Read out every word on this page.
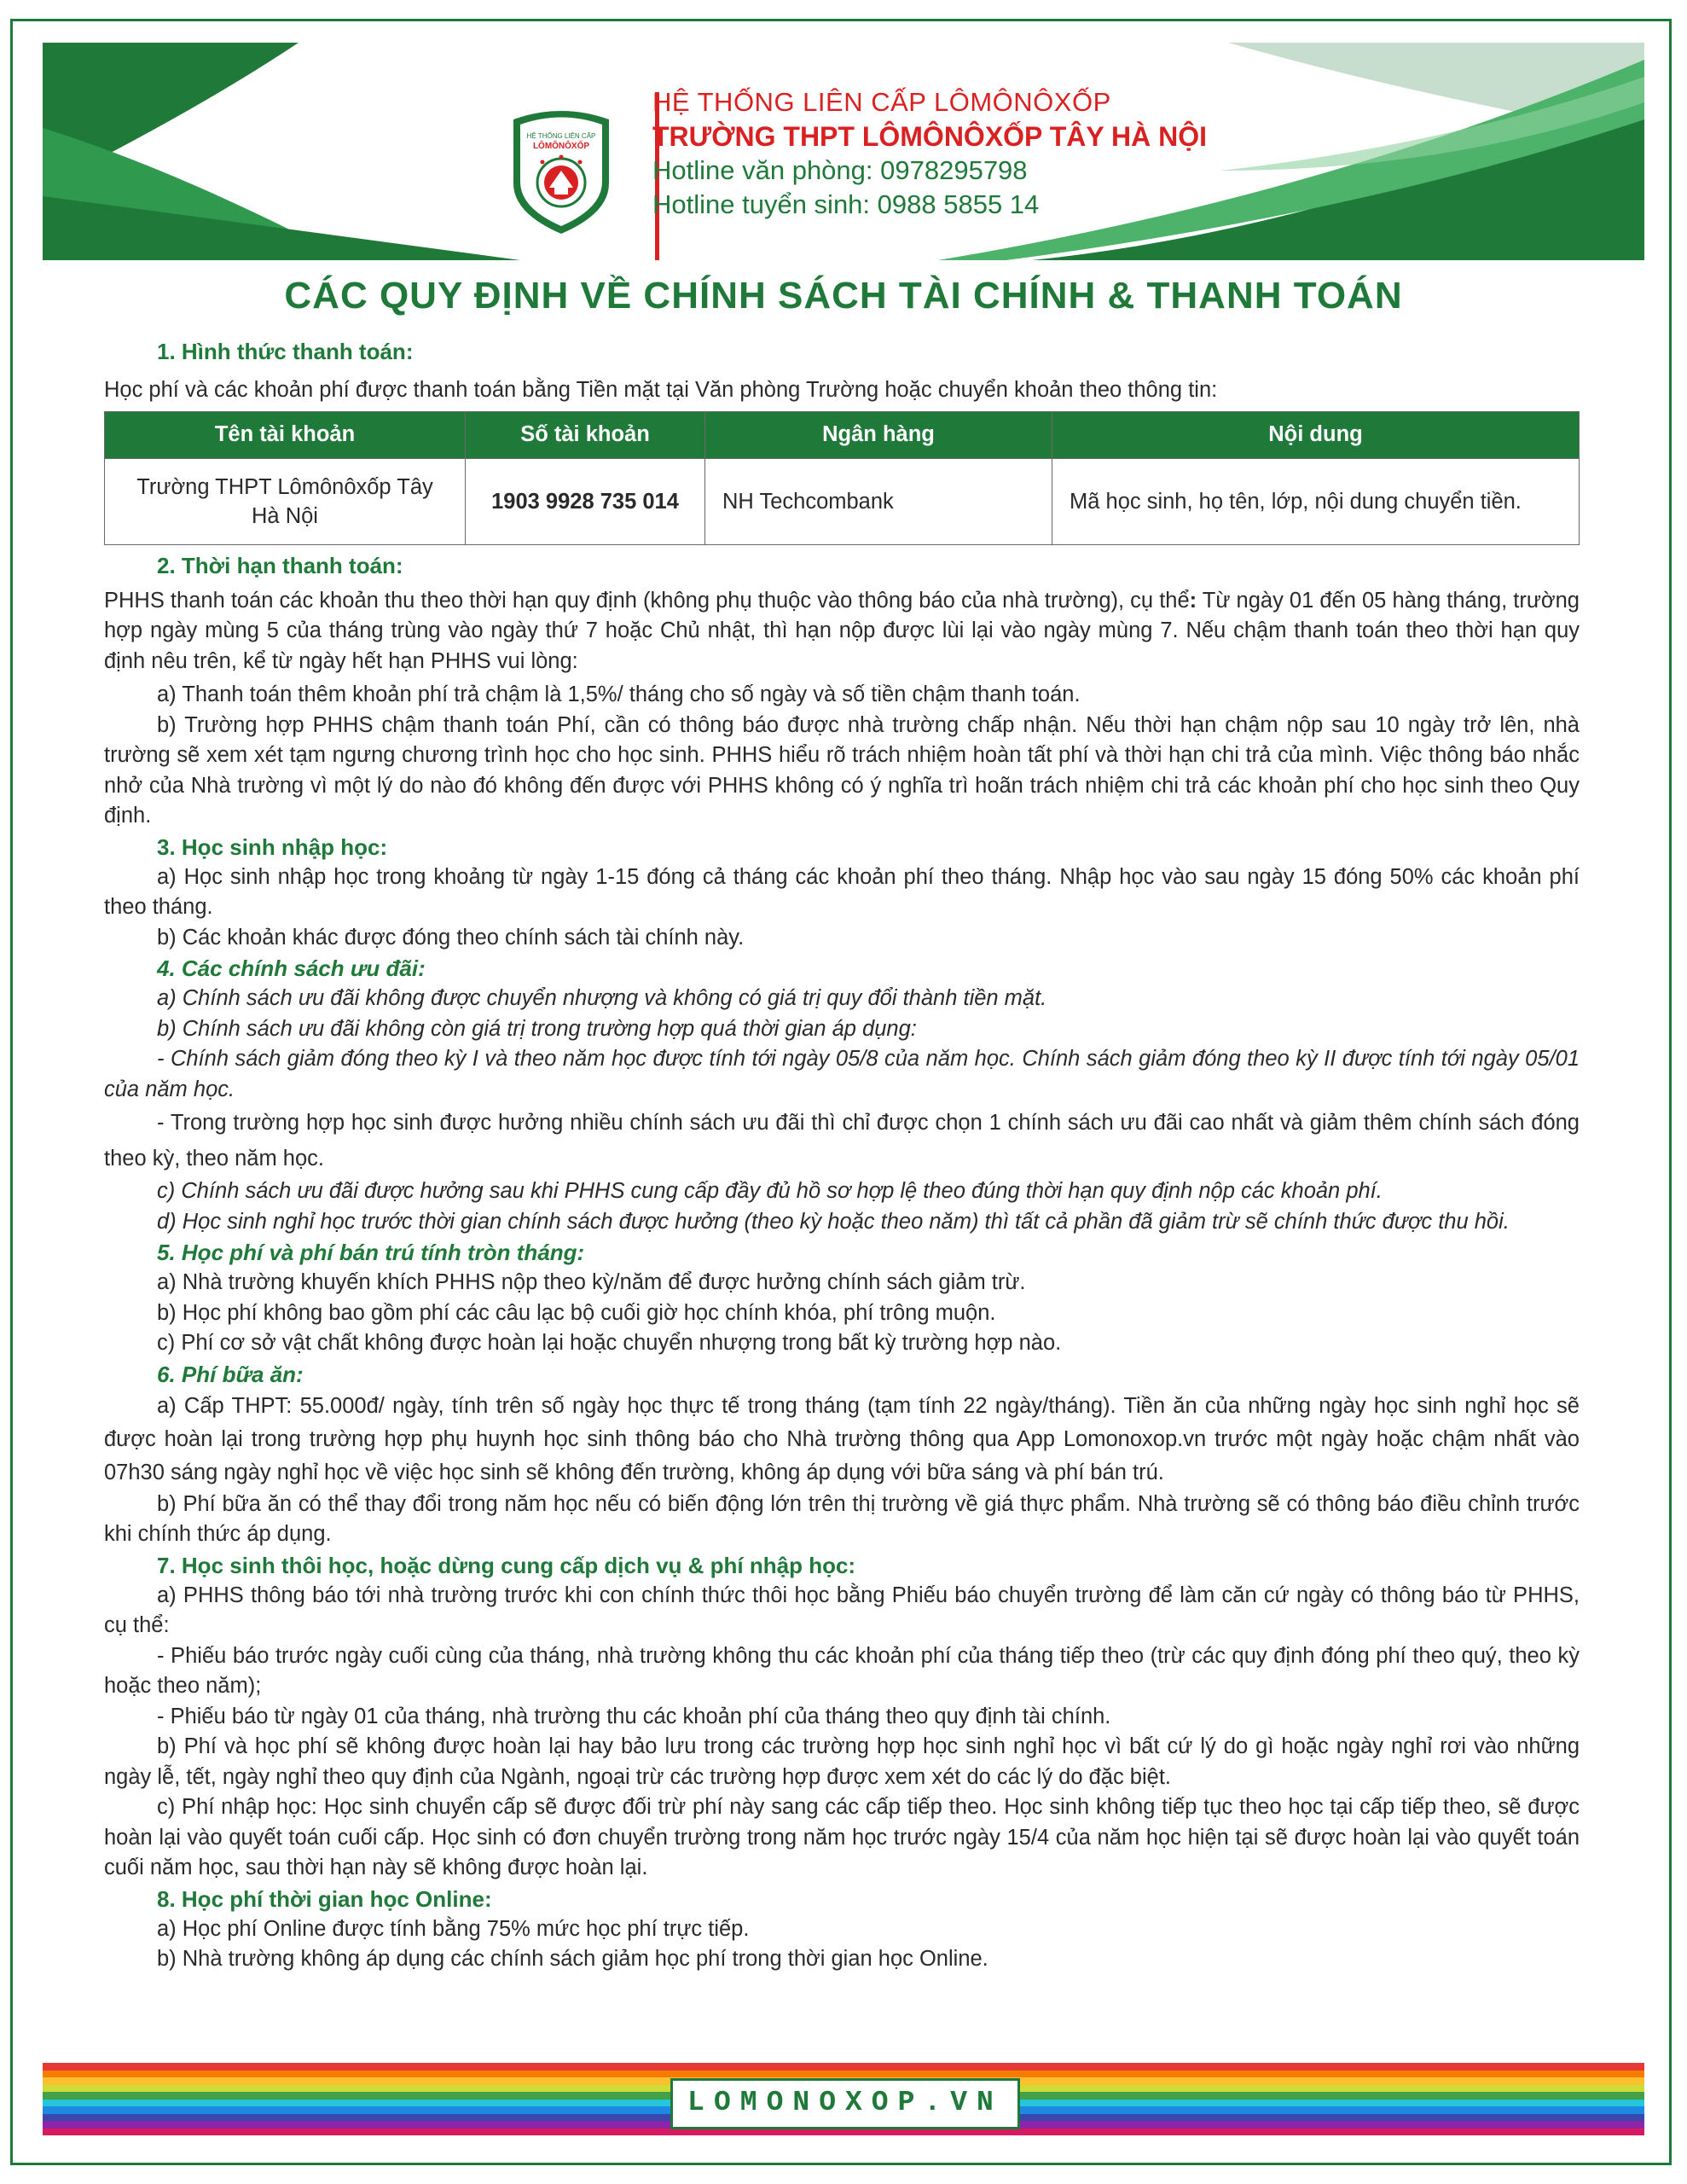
HỆ THỐNG LIÊN CẤP
LÔMÔNÔXỐP
HỆ THỐNG LIÊN CẤP LÔMÔNÔXỐP
TRƯỜNG THPT LÔMÔNÔXỐP TÂY HÀ NỘI
Hotline văn phòng: 0978295798
Hotline tuyển sinh: 0988 5855 14
CÁC QUY ĐỊNH VỀ CHÍNH SÁCH TÀI CHÍNH & THANH TOÁN
1. Hình thức thanh toán:
Học phí và các khoản phí được thanh toán bằng Tiền mặt tại Văn phòng Trường hoặc chuyển khoản theo thông tin:
Tên tài khoản	Số tài khoản	Ngân hàng	Nội dung
Trường THPT Lômônôxốp Tây Hà Nội	1903 9928 735 014	NH Techcombank	Mã học sinh, họ tên, lớp, nội dung chuyển tiền.
2. Thời hạn thanh toán:
PHHS thanh toán các khoản thu theo thời hạn quy định (không phụ thuộc vào thông báo của nhà trường), cụ thể: Từ ngày 01 đến 05 hàng tháng, trường hợp ngày mùng 5 của tháng trùng vào ngày thứ 7 hoặc Chủ nhật, thì hạn nộp được lùi lại vào ngày mùng 7. Nếu chậm thanh toán theo thời hạn quy định nêu trên, kể từ ngày hết hạn PHHS vui lòng:
a) Thanh toán thêm khoản phí trả chậm là 1,5%/ tháng cho số ngày và số tiền chậm thanh toán.
b) Trường hợp PHHS chậm thanh toán Phí, cần có thông báo được nhà trường chấp nhận. Nếu thời hạn chậm nộp sau 10 ngày trở lên, nhà trường sẽ xem xét tạm ngưng chương trình học cho học sinh. PHHS hiểu rõ trách nhiệm hoàn tất phí và thời hạn chi trả của mình. Việc thông báo nhắc nhở của Nhà trường vì một lý do nào đó không đến được với PHHS không có ý nghĩa trì hoãn trách nhiệm chi trả các khoản phí cho học sinh theo Quy định.
3. Học sinh nhập học:
a) Học sinh nhập học trong khoảng từ ngày 1-15 đóng cả tháng các khoản phí theo tháng. Nhập học vào sau ngày 15 đóng 50% các khoản phí theo tháng.
b) Các khoản khác được đóng theo chính sách tài chính này.
4. Các chính sách ưu đãi:
a) Chính sách ưu đãi không được chuyển nhượng và không có giá trị quy đổi thành tiền mặt.
b) Chính sách ưu đãi không còn giá trị trong trường hợp quá thời gian áp dụng:
- Chính sách giảm đóng theo kỳ I và theo năm học được tính tới ngày 05/8 của năm học. Chính sách giảm đóng theo kỳ II được tính tới ngày 05/01 của năm học.
- Trong trường hợp học sinh được hưởng nhiều chính sách ưu đãi thì chỉ được chọn 1 chính sách ưu đãi cao nhất và giảm thêm chính sách đóng theo kỳ, theo năm học.
c) Chính sách ưu đãi được hưởng sau khi PHHS cung cấp đầy đủ hồ sơ hợp lệ theo đúng thời hạn quy định nộp các khoản phí.
d) Học sinh nghỉ học trước thời gian chính sách được hưởng (theo kỳ hoặc theo năm) thì tất cả phần đã giảm trừ sẽ chính thức được thu hồi.
5. Học phí và phí bán trú tính tròn tháng:
a) Nhà trường khuyến khích PHHS nộp theo kỳ/năm để được hưởng chính sách giảm trừ.
b) Học phí không bao gồm phí các câu lạc bộ cuối giờ học chính khóa, phí trông muộn.
c) Phí cơ sở vật chất không được hoàn lại hoặc chuyển nhượng trong bất kỳ trường hợp nào.
6. Phí bữa ăn:
a) Cấp THPT: 55.000đ/ ngày, tính trên số ngày học thực tế trong tháng (tạm tính 22 ngày/tháng). Tiền ăn của những ngày học sinh nghỉ học sẽ được hoàn lại trong trường hợp phụ huynh học sinh thông báo cho Nhà trường thông qua App Lomonoxop.vn trước một ngày hoặc chậm nhất vào 07h30 sáng ngày nghỉ học về việc học sinh sẽ không đến trường, không áp dụng với bữa sáng và phí bán trú.
b) Phí bữa ăn có thể thay đổi trong năm học nếu có biến động lớn trên thị trường về giá thực phẩm. Nhà trường sẽ có thông báo điều chỉnh trước khi chính thức áp dụng.
7. Học sinh thôi học, hoặc dừng cung cấp dịch vụ & phí nhập học:
a) PHHS thông báo tới nhà trường trước khi con chính thức thôi học bằng Phiếu báo chuyển trường để làm căn cứ ngày có thông báo từ PHHS, cụ thể:
- Phiếu báo trước ngày cuối cùng của tháng, nhà trường không thu các khoản phí của tháng tiếp theo (trừ các quy định đóng phí theo quý, theo kỳ hoặc theo năm);
- Phiếu báo từ ngày 01 của tháng, nhà trường thu các khoản phí của tháng theo quy định tài chính.
b) Phí và học phí sẽ không được hoàn lại hay bảo lưu trong các trường hợp học sinh nghỉ học vì bất cứ lý do gì hoặc ngày nghỉ rơi vào những ngày lễ, tết, ngày nghỉ theo quy định của Ngành, ngoại trừ các trường hợp được xem xét do các lý do đặc biệt.
c) Phí nhập học: Học sinh chuyển cấp sẽ được đối trừ phí này sang các cấp tiếp theo. Học sinh không tiếp tục theo học tại cấp tiếp theo, sẽ được hoàn lại vào quyết toán cuối cấp. Học sinh có đơn chuyển trường trong năm học trước ngày 15/4 của năm học hiện tại sẽ được hoàn lại vào quyết toán cuối năm học, sau thời hạn này sẽ không được hoàn lại.
8. Học phí thời gian học Online:
a) Học phí Online được tính bằng 75% mức học phí trực tiếp.
b) Nhà trường không áp dụng các chính sách giảm học phí trong thời gian học Online.
LOMONOXOP.VN
